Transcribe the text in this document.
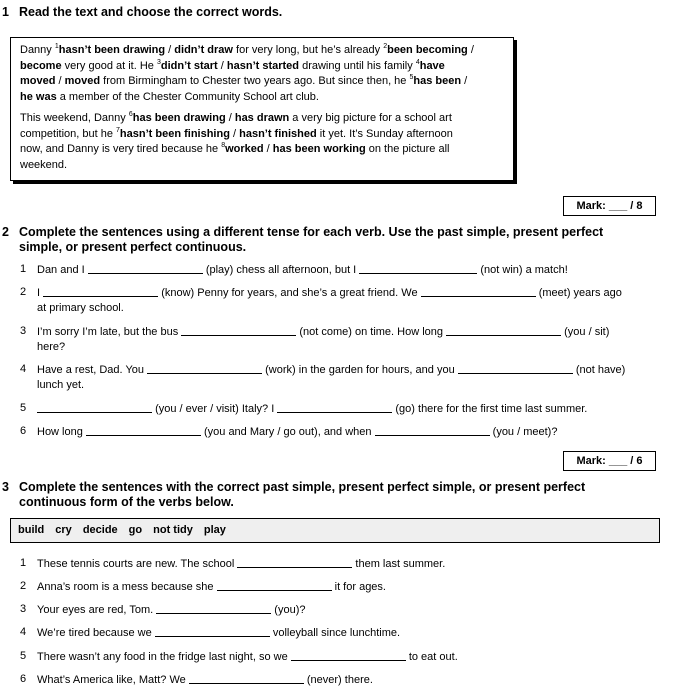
1 Read the text and choose the correct words.

Danny $^1$hasn’t been drawing / didn’t draw for very long, but he’s already $^2$been becoming /
become very good at it. He $^3$didn’t start / hasn’t started drawing until his family $^4$have
moved / moved from Birmingham to Chester two years ago. But since then, he $^5$has been /
he was a member of the Chester Community School art club.

This weekend, Danny $^6$has been drawing / has drawn a very big picture for a school art
competition, but he $^7$hasn’t been finishing / hasn’t finished it yet. It’s Sunday afternoon
now, and Danny is very tired because he $^8$worked / has been working on the picture all
weekend.

Mark: ___ / 8
2 Complete the sentences using a different tense for each verb. Use the past simple, present perfect
simple, or present perfect continuous.
1 Dan and I	(play) chess all afternoon, but I	(not win) a match!
2 I	(know) Penny for years, and she’s a great friend. We	(meet) years ago
at primary school.
3 I’m sorry I’m late, but the bus	(not come) on time. How long	(you / sit)
here?
4 Have a rest, Dad. You	(work) in the garden for hours, and you	(not have)
lunch yet.
5	(you / ever / visit) Italy? I	(go) there for the first time last summer.
6 How long	(you and Mary / go out), and when	(you / meet)?
Mark: ___ / 6
3 Complete the sentences with the correct past simple, present perfect simple, or present perfect
continuous form of the verbs below.
build cry decide go not tidy play
1 These tennis courts are new. The school	them last summer.
2 Anna’s room is a mess because she	it for ages.
3 Your eyes are red, Tom.	(you)?
4 We’re tired because we	volleyball since lunchtime.
5 There wasn’t any food in the fridge last night, so we	to eat out.
6 What’s America like, Matt? We	(never) there.
